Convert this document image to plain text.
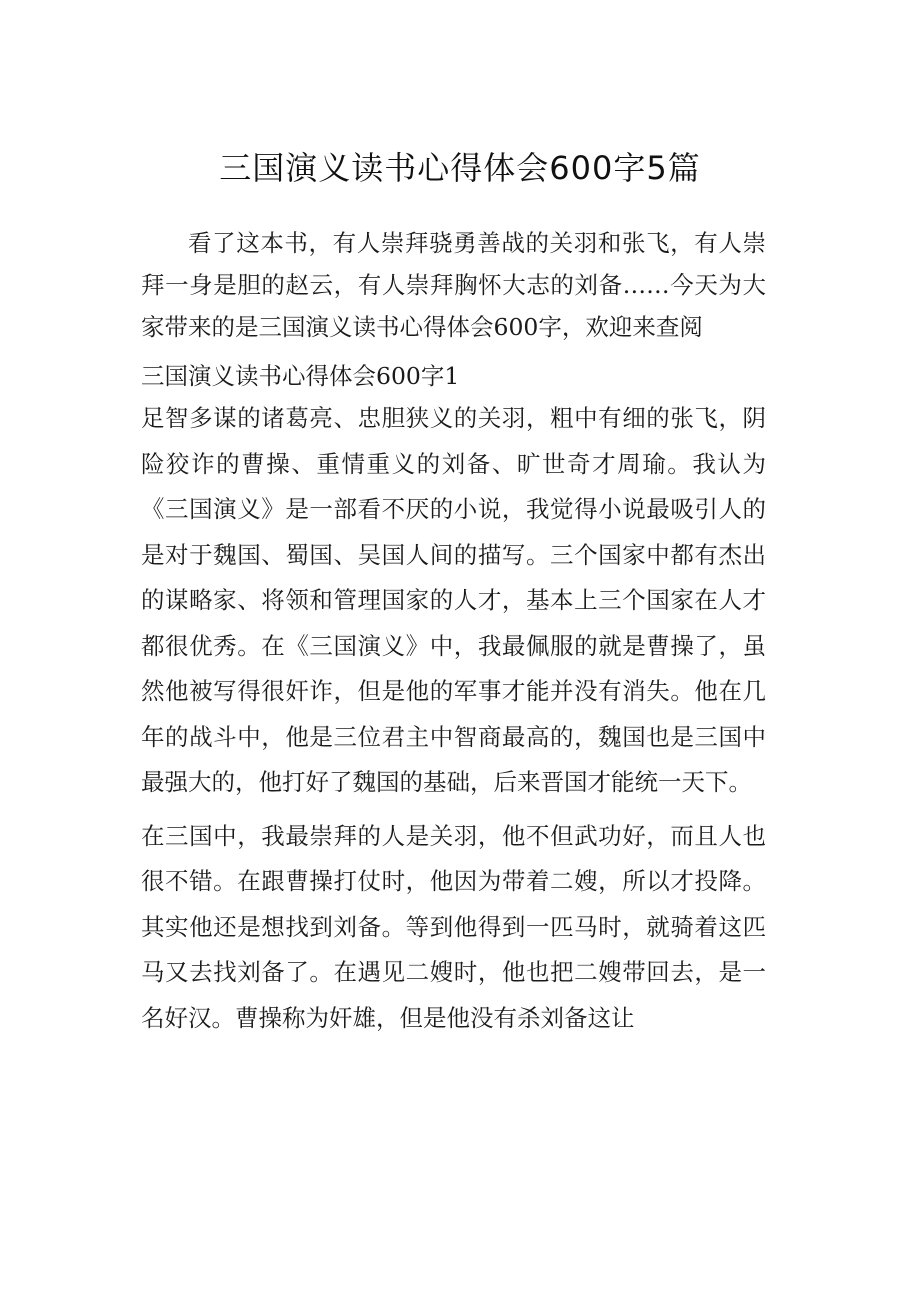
三国演义读书心得体会600字5篇

看了这本书，有人崇拜骁勇善战的关羽和张飞，有人崇拜一身是胆的赵云，有人崇拜胸怀大志的刘备……今天为大家带来的是三国演义读书心得体会600字，欢迎来查阅

三国演义读书心得体会600字1

足智多谋的诸葛亮、忠胆狭义的关羽，粗中有细的张飞，阴险狡诈的曹操、重情重义的刘备、旷世奇才周瑜。我认为《三国演义》是一部看不厌的小说，我觉得小说最吸引人的是对于魏国、蜀国、吴国人间的描写。三个国家中都有杰出的谋略家、将领和管理国家的人才，基本上三个国家在人才都很优秀。在《三国演义》中，我最佩服的就是曹操了，虽然他被写得很奸诈，但是他的军事才能并没有消失。他在几年的战斗中，他是三位君主中智商最高的，魏国也是三国中最强大的，他打好了魏国的基础，后来晋国才能统一天下。

在三国中，我最崇拜的人是关羽，他不但武功好，而且人也很不错。在跟曹操打仗时，他因为带着二嫂，所以才投降。其实他还是想找到刘备。等到他得到一匹马时，就骑着这匹马又去找刘备了。在遇见二嫂时，他也把二嫂带回去，是一名好汉。曹操称为奸雄，但是他没有杀刘备这让
